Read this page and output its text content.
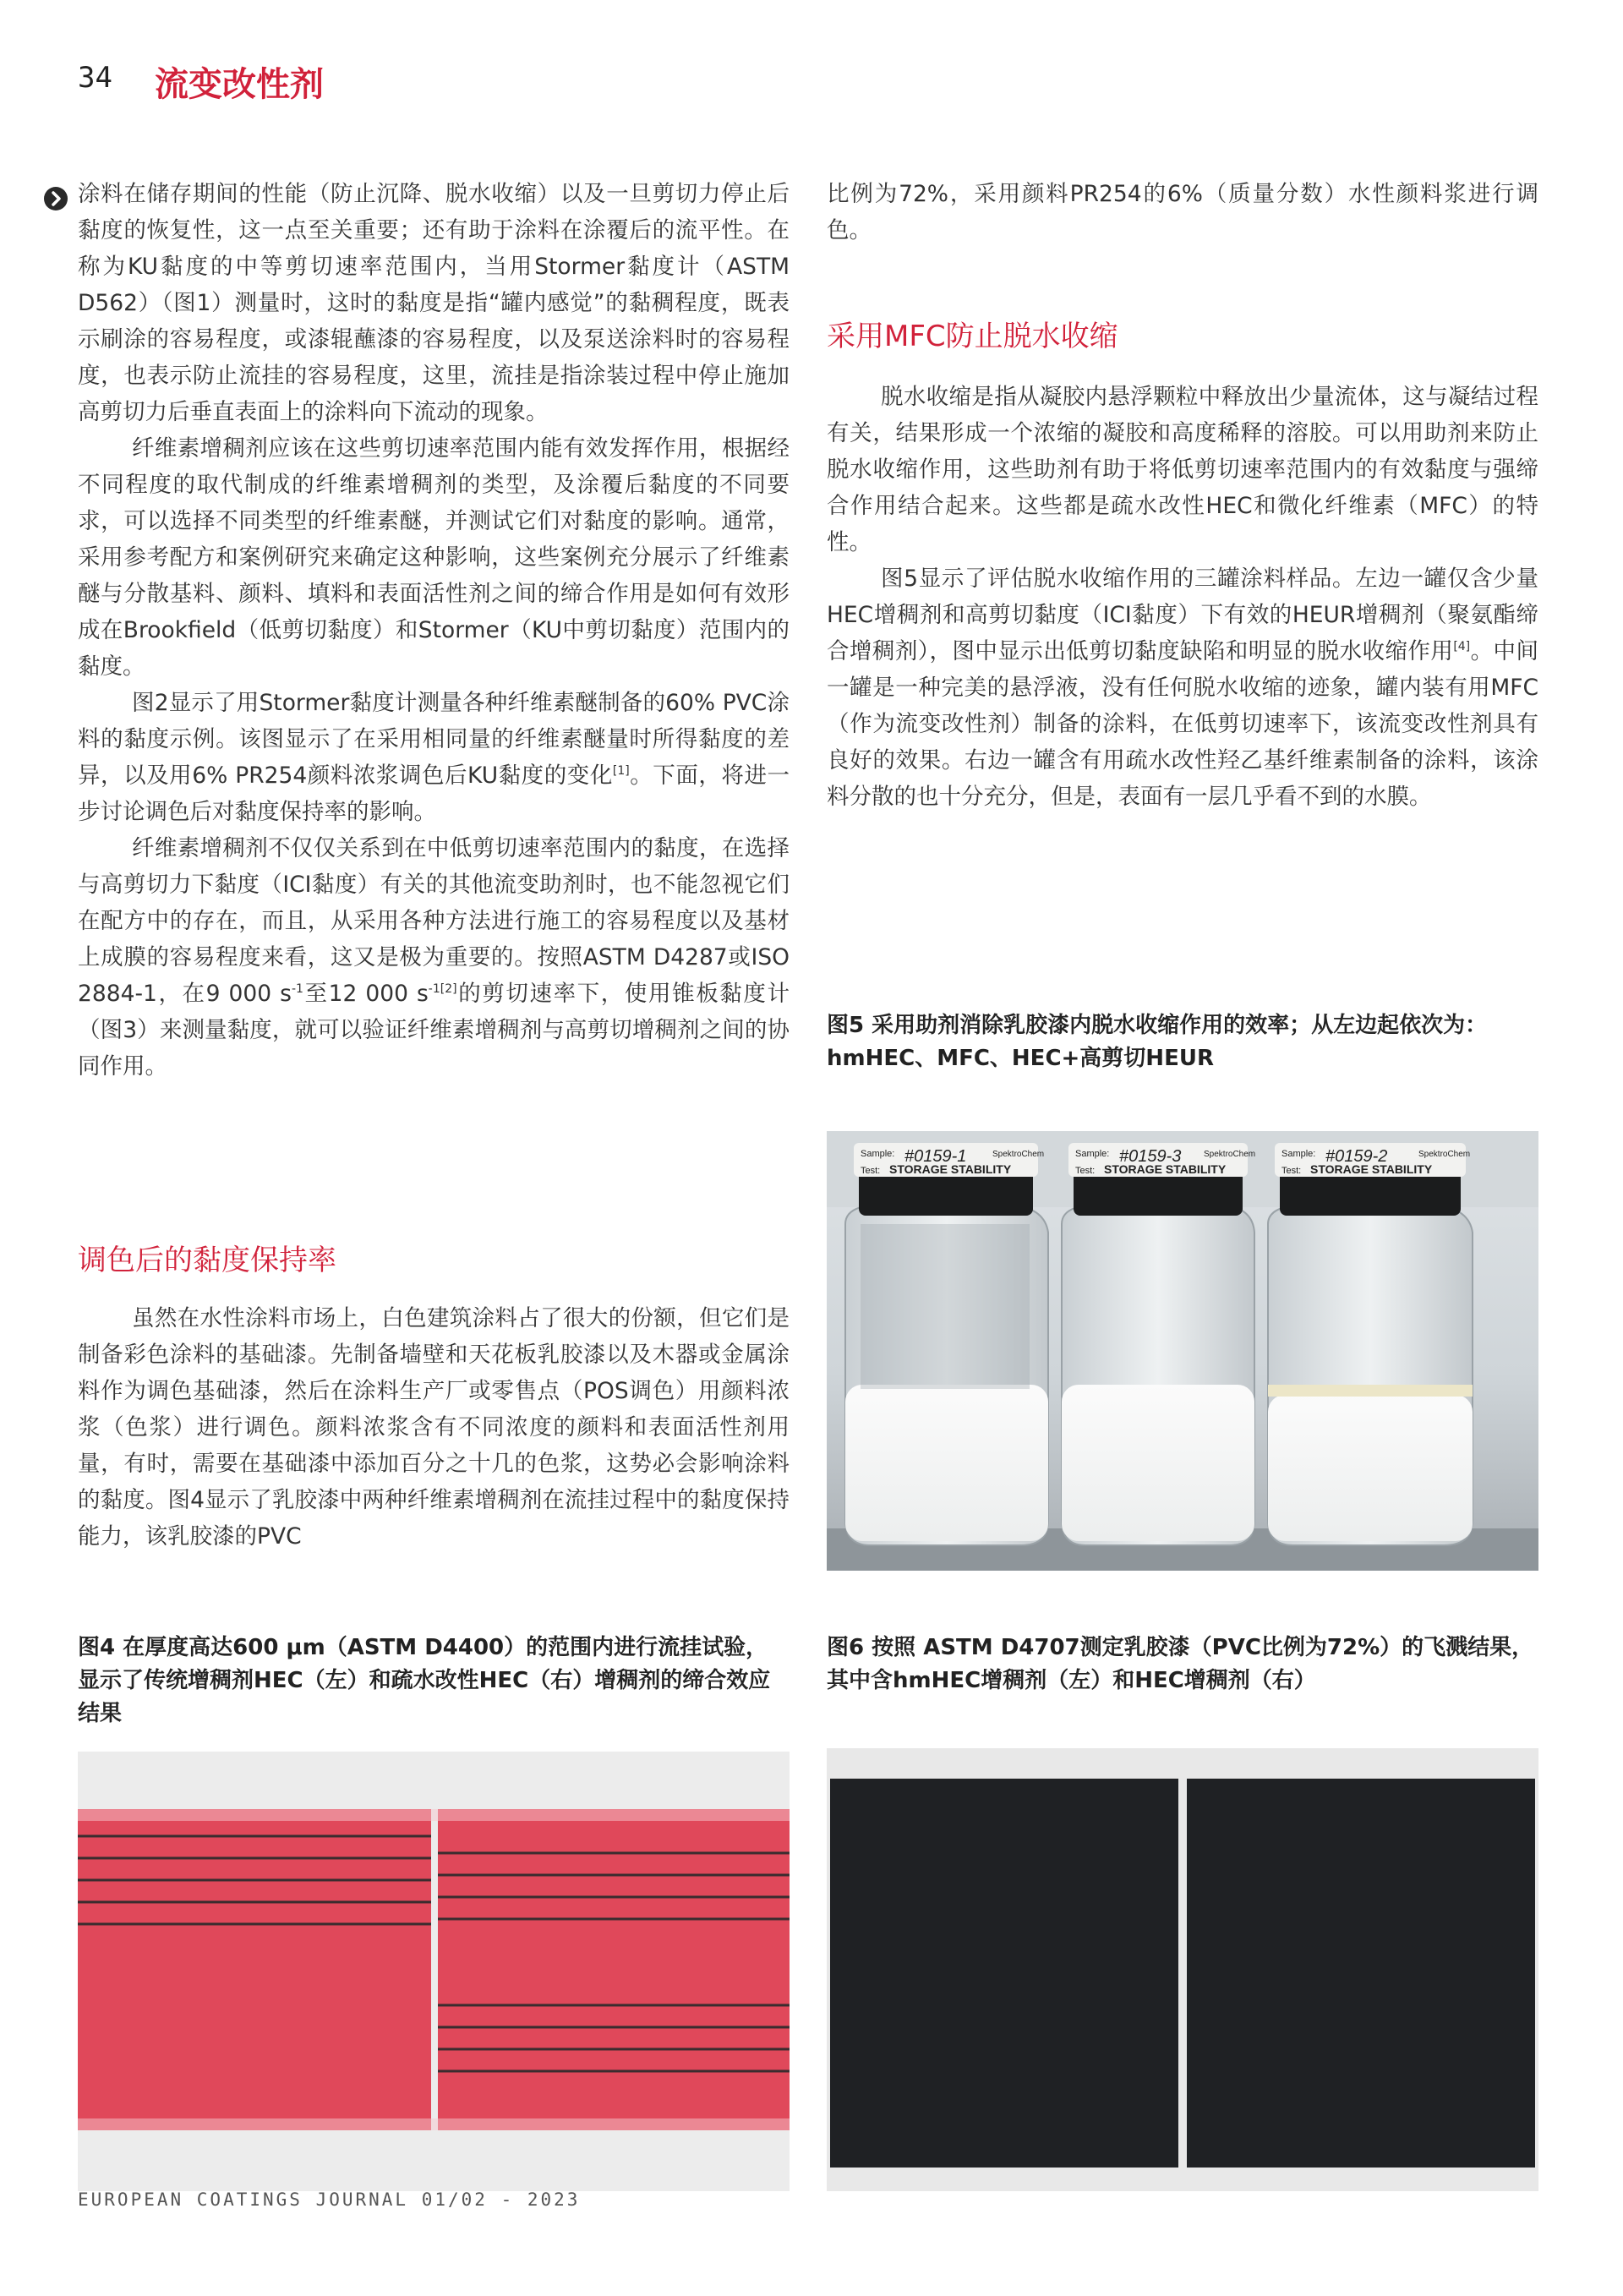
34 流变改性剂

涂料在储存期间的性能（防止沉降、脱水收缩）以及一旦剪切力停止后黏度的恢复性，这一点至关重要；还有助于涂料在涂覆后的流平性。在称为KU黏度的中等剪切速率范围内，当用Stormer黏度计（ASTM D562）（图1）测量时，这时的黏度是指“罐内感觉”的黏稠程度，既表示刷涂的容易程度，或漆辊蘸漆的容易程度，以及泵送涂料时的容易程度，也表示防止流挂的容易程度，这里，流挂是指涂装过程中停止施加高剪切力后垂直表面上的涂料向下流动的现象。

纤维素增稠剂应该在这些剪切速率范围内能有效发挥作用，根据经不同程度的取代制成的纤维素增稠剂的类型，及涂覆后黏度的不同要求，可以选择不同类型的纤维素醚，并测试它们对黏度的影响。通常，采用参考配方和案例研究来确定这种影响，这些案例充分展示了纤维素醚与分散基料、颜料、填料和表面活性剂之间的缔合作用是如何有效形成在Brookfield（低剪切黏度）和Stormer（KU中剪切黏度）范围内的黏度。

图2显示了用Stormer黏度计测量各种纤维素醚制备的60% PVC涂料的黏度示例。该图显示了在采用相同量的纤维素醚量时所得黏度的差异，以及用6% PR254颜料浓浆调色后KU黏度的变化[1]。下面，将进一步讨论调色后对黏度保持率的影响。

纤维素增稠剂不仅仅关系到在中低剪切速率范围内的黏度，在选择与高剪切力下黏度（ICI黏度）有关的其他流变助剂时，也不能忽视它们在配方中的存在，而且，从采用各种方法进行施工的容易程度以及基材上成膜的容易程度来看，这又是极为重要的。按照ASTM D4287或ISO 2884-1，在9 000 $s^{-1}$至12 000 $s^{-1[2]}$的剪切速率下，使用锥板黏度计（图3）来测量黏度，就可以验证纤维素增稠剂与高剪切增稠剂之间的协同作用。

调色后的黏度保持率

虽然在水性涂料市场上，白色建筑涂料占了很大的份额，但它们是制备彩色涂料的基础漆。先制备墙壁和天花板乳胶漆以及木器或金属涂料作为调色基础漆，然后在涂料生产厂或零售点（POS调色）用颜料浓浆（色浆）进行调色。颜料浓浆含有不同浓度的颜料和表面活性剂用量，有时，需要在基础漆中添加百分之十几的色浆，这势必会影响涂料的黏度。图4显示了乳胶漆中两种纤维素增稠剂在流挂过程中的黏度保持能力，该乳胶漆的PVC

比例为72%，采用颜料PR254的6%（质量分数）水性颜料浆进行调色。

采用MFC防止脱水收缩

脱水收缩是指从凝胶内悬浮颗粒中释放出少量流体，这与凝结过程有关，结果形成一个浓缩的凝胶和高度稀释的溶胶。可以用助剂来防止脱水收缩作用，这些助剂有助于将低剪切速率范围内的有效黏度与强缔合作用结合起来。这些都是疏水改性HEC和微化纤维素（MFC）的特性。

图5显示了评估脱水收缩作用的三罐涂料样品。左边一罐仅含少量HEC增稠剂和高剪切黏度（ICI黏度）下有效的HEUR增稠剂（聚氨酯缔合增稠剂），图中显示出低剪切黏度缺陷和明显的脱水收缩作用[4]。中间一罐是一种完美的悬浮液，没有任何脱水收缩的迹象，罐内装有用MFC（作为流变改性剂）制备的涂料，在低剪切速率下，该流变改性剂具有良好的效果。右边一罐含有用疏水改性羟乙基纤维素制备的涂料，该涂料分散的也十分充分，但是，表面有一层几乎看不到的水膜。

图5 采用助剂消除乳胶漆内脱水收缩作用的效率；从左边起依次为：hmHEC、MFC、HEC+高剪切HEUR
Sample: #0159-1	SpektroChem
Test: STORAGE STABILITY
Sample: #0159-3	SpektroChem
Test: STORAGE STABILITY
Sample: #0159-2	SpektroChem
Test: STORAGE STABILITY
图4 在厚度高达600 μm（ASTM D4400）的范围内进行流挂试验，显示了传统增稠剂HEC（左）和疏水改性HEC（右）增稠剂的缔合效应结果
图6 按照 ASTM D4707测定乳胶漆（PVC比例为72%）的飞溅结果，其中含hmHEC增稠剂（左）和HEC增稠剂（右）
EUROPEAN COATINGS JOURNAL 01/02 - 2023
